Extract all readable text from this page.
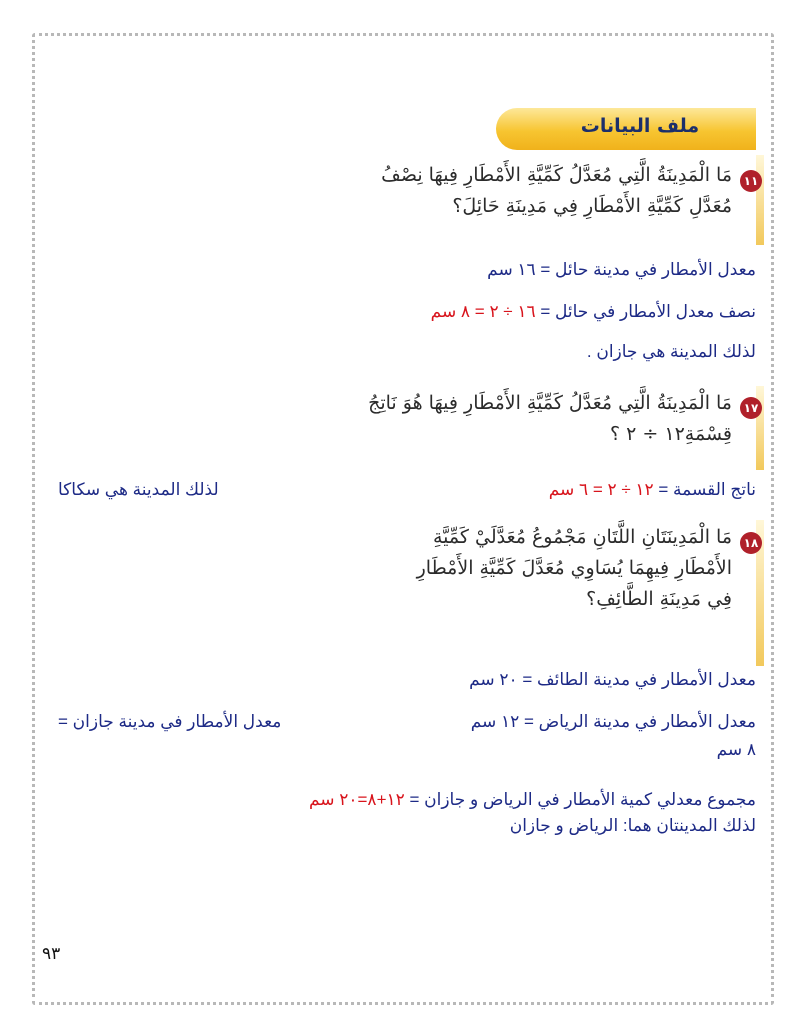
ملف البيانات
١١
مَا الْمَدِينَةُ الَّتِي مُعَدَّلُ كَمِّيَّةِ الأَمْطَارِ فِيهَا نِصْفُ
مُعَدَّلِ كَمِّيَّةِ الأَمْطَارِ فِي مَدِينَةِ حَائِلَ؟
معدل الأمطار في مدينة حائل = ١٦ سم
نصف معدل الأمطار في حائل = ١٦ ÷ ٢ = ٨ سم
لذلك المدينة هي جازان .
١٧
مَا الْمَدِينَةُ الَّتِي مُعَدَّلُ كَمِّيَّةِ الأَمْطَارِ فِيهَا هُوَ نَاتِجُ
قِسْمَةِ١٢ ÷ ٢ ؟
ناتج القسمة = ١٢ ÷ ٢ = ٦ سم
لذلك المدينة هي سكاكا
١٨
مَا الْمَدِينَتَانِ اللَّتَانِ مَجْمُوعُ مُعَدَّلَيْ كَمِّيَّةِ
الأَمْطَارِ فِيهِمَا يُسَاوِي مُعَدَّلَ كَمِّيَّةِ الأَمْطَارِ
فِي مَدِينَةِ الطَّائِفِ؟
معدل الأمطار في مدينة الطائف = ٢٠ سم
معدل الأمطار في مدينة الرياض = ١٢ سم
معدل الأمطار في مدينة جازان =
٨ سم
مجموع معدلي كمية الأمطار في الرياض و جازان = ١٢+٨=٢٠ سم
لذلك المدينتان هما: الرياض و جازان
٩٣
